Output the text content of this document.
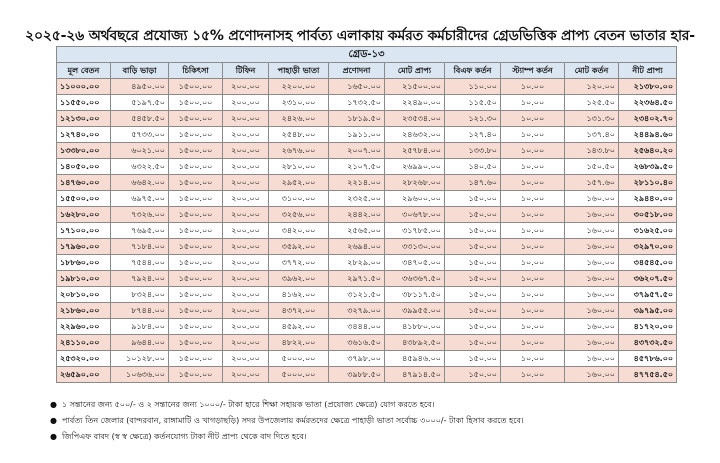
২০২৫-২৬ অর্থবছরে প্রযোজ্য ১৫% প্রণোদনাসহ পার্বত্য এলাকায় কর্মরত কর্মচারীদের গ্রেডভিত্তিক প্রাপ্য বেতন ভাতার হার-
গ্রেড-১৩										
মূল বেতন	বাড়ি ভাড়া	চিকিৎসা	টিফিন	পাহাড়ী ভাতা	প্রণোদনা	মোট প্রাপ্য	বিএফ কর্তন	স্ট্যাম্প কর্তন	মোট কর্তন	নীট প্রাপ্য
১১০০০.০০	৪৯৫০.০০	১৫০০.০০	২০০.০০	২২০০.০০	১৬৫০.০০	২১৫০০.০০	১১০.০০	১০.০০	১২০.০০	২১৩৮০.০০
১১৫৫০.০০	৫১৯৭.৫০	১৫০০.০০	২০০.০০	২৩১০.০০	১৭৩২.৫০	২২৪৯০.০০	১১৫.৫০	১০.০০	১২৫.৫০	২২৩৬৪.৫০
১২১৩০.০০	৫৪৫৮.৫০	১৫০০.০০	২০০.০০	২৪২৬.০০	১৮১৯.৫০	২৩৫৩৪.০০	১২১.৩০	১০.০০	১৩১.৩০	২৩৪০২.৭০
১২৭৪০.০০	৫৭৩৩.০০	১৫০০.০০	২০০.০০	২৫৪৮.০০	১৯১১.০০	২৪৬৩২.০০	১২৭.৪০	১০.০০	১৩৭.৪০	২৪৪৯৪.৬০
১৩৩৮০.০০	৬০২১.০০	১৫০০.০০	২০০.০০	২৬৭৬.০০	২০০৭.০০	২৫৭৮৪.০০	১৩৩.৮০	১০.০০	১৪৩.৮০	২৫৬৪০.২০
১৪০৫০.০০	৬৩২২.৫০	১৫০০.০০	২০০.০০	২৮১০.০০	২১০৭.৫০	২৬৯৯০.০০	১৪০.৫০	১০.০০	১৫০.৫০	২৬৮৩৯.৫০
১৪৭৬০.০০	৬৬৪২.০০	১৫০০.০০	২০০.০০	২৯৫২.০০	২২১৪.০০	২৮২৬৮.০০	১৪৭.৬০	১০.০০	১৫৭.৬০	২৮১১০.৪০
১৫৫০০.০০	৬৯৭৫.০০	১৫০০.০০	২০০.০০	৩১০০.০০	২৩২৫.০০	২৯৬০০.০০	১৫০.০০	১০.০০	১৬০.০০	২৯৪৪০.০০
১৬২৮০.০০	৭৩২৬.০০	১৫০০.০০	২০০.০০	৩২৫৬.০০	২৪৪২.০০	৩০৬৭৮.০০	১৫০.০০	১০.০০	১৬০.০০	৩০৫১৮.০০
১৭১০০.০০	৭৬৯৫.০০	১৫০০.০০	২০০.০০	৩৪২০.০০	২৫৬৫.০০	৩১৭৮৫.০০	১৫০.০০	১০.০০	১৬০.০০	৩১৬২৫.০০
১৭৯৬০.০০	৭১৮৪.০০	১৫০০.০০	২০০.০০	৩৫৯২.০০	২৬৯৪.০০	৩৩১৩০.০০	১৫০.০০	১০.০০	১৬০.০০	৩২৯৭০.০০
১৮৮৬০.০০	৭৫৪৪.০০	১৫০০.০০	২০০.০০	৩৭৭২.০০	২৮২৯.০০	৩৪৭০৫.০০	১৫০.০০	১০.০০	১৬০.০০	৩৪৫৪৫.০০
১৯৮১০.০০	৭৯২৪.০০	১৫০০.০০	২০০.০০	৩৯৬২.০০	২৯৭১.৫০	৩৬৩৬৭.৫০	১৫০.০০	১০.০০	১৬০.০০	৩৬২০৭.৫০
২০৮১০.০০	৮৩২৪.০০	১৫০০.০০	২০০.০০	৪১৬২.০০	৩১২১.৫০	৩৮১১৭.৫০	১৫০.০০	১০.০০	১৬০.০০	৩৭৯৫৭.৫০
২১৮৬০.০০	৮৭৪৪.০০	১৫০০.০০	২০০.০০	৪৩৭২.০০	৩২৭৯.০০	৩৯৯৫৫.০০	১৫০.০০	১০.০০	১৬০.০০	৩৯৭৯৫.০০
২২৯৬০.০০	৯১৮৪.০০	১৫০০.০০	২০০.০০	৪৫৯২.০০	৩৪৪৪.০০	৪১৮৮০.০০	১৫০.০০	১০.০০	১৬০.০০	৪১৭২০.০০
২৪১১০.০০	৯৬৪৪.০০	১৫০০.০০	২০০.০০	৪৮২২.০০	৩৬১৬.৫০	৪৩৮৯২.৫০	১৫০.০০	১০.০০	১৬০.০০	৪৩৭৩২.৫০
২৫৩২০.০০	১০১২৮.০০	১৫০০.০০	২০০.০০	৫০০০.০০	৩৭৯৮.০০	৪৫৯৪৬.০০	১৫০.০০	১০.০০	১৬০.০০	৪৫৭৮৬.০০
২৬৫৯০.০০	১০৬৩৬.০০	১৫০০.০০	২০০.০০	৫০০০.০০	৩৯৮৮.৫০	৪৭৯১৪.৫০	১৫০.০০	১০.০০	১৬০.০০	৪৭৭৫৪.৫০
● ১ সন্তানের জন্য ৫০০/- ও ২ সন্তানের জন্য ১০০০/- টাকা হারে শিক্ষা সহায়ক ভাতা (প্রযোজ্য ক্ষেত্রে) যোগ করতে হবে।
● পার্বত্য তিন জেলার (বান্দরবান, রাঙ্গামাটি ও খাগড়াছড়ি) সদর উপজেলায় কর্মরতদের ক্ষেত্রে পাহাড়ী ভাতা সর্বোচ্চ ৩০০০/- টাকা হিসাব করতে হবে।
● জিপিএফ বাবদ (স্ব স্ব ক্ষেত্রে) কর্তনযোগ্য টাকা নীট প্রাপ্য থেকে বাদ দিতে হবে।
